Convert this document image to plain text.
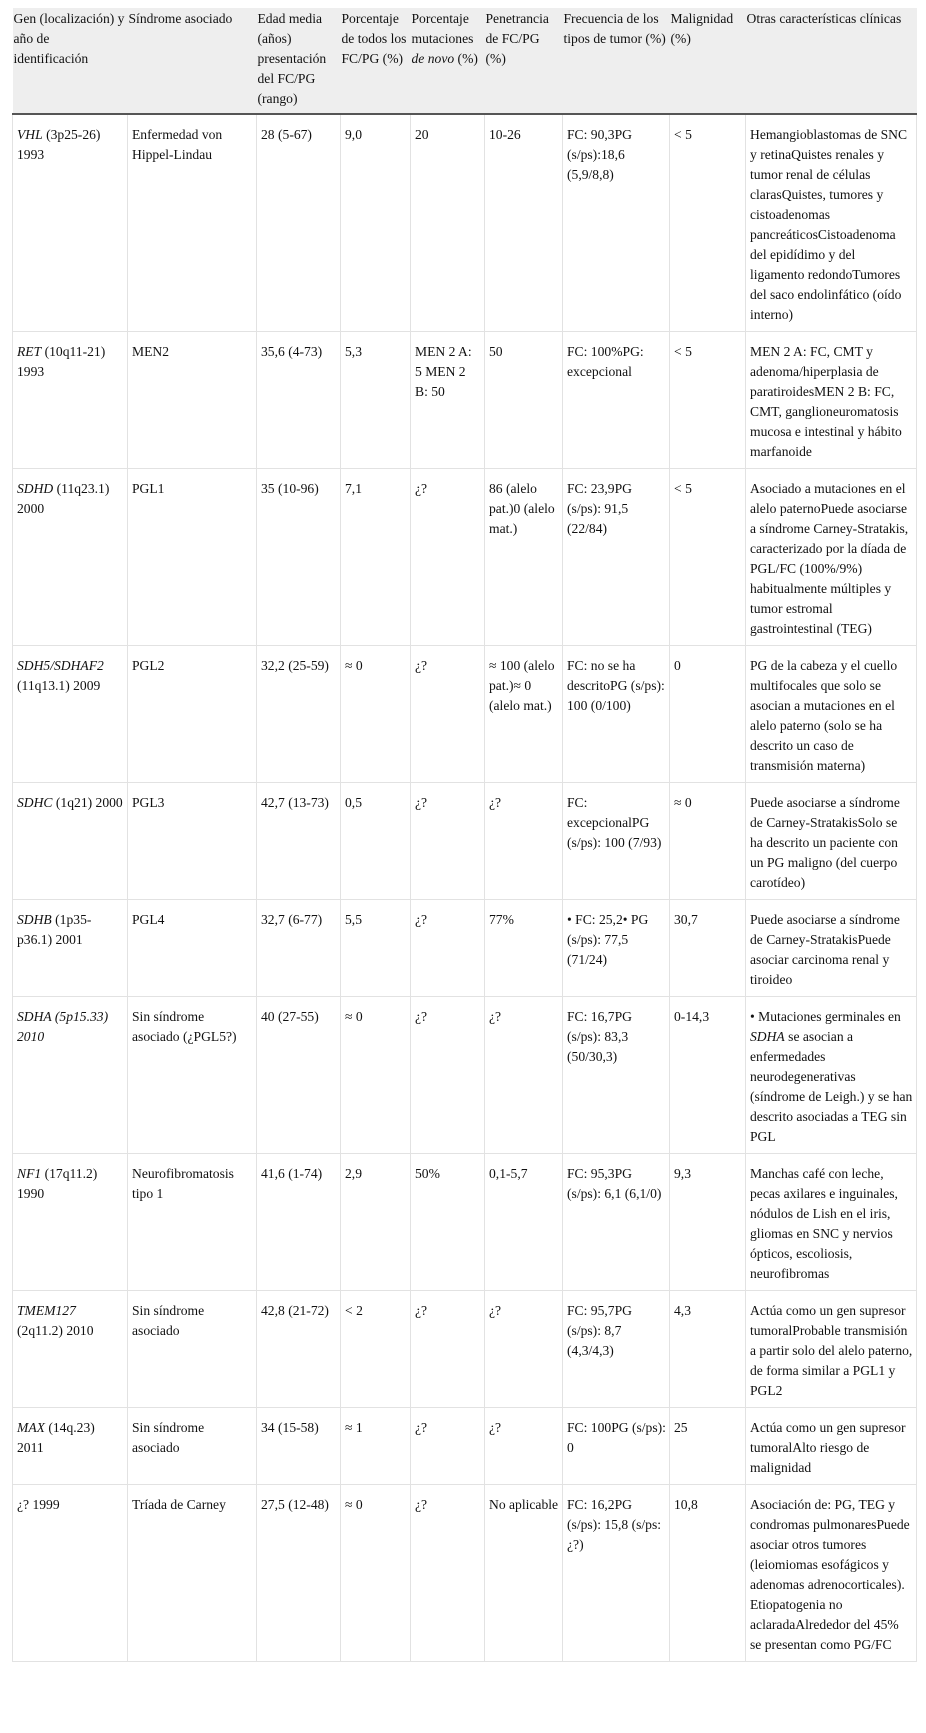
Gen (localización) y año de identificación	Síndrome asociado	Edad media (años) presentación del FC/PG (rango)	Porcentaje de todos los FC/PG (%)	Porcentaje mutaciones de novo (%)	Penetrancia de FC/PG (%)	Frecuencia de los tipos de tumor (%)	Malignidad (%)	Otras características clínicas
VHL (3p25-26) 1993	Enfermedad von Hippel-Lindau	28 (5-67)	9,0	20	10-26	FC: 90,3PG (s/ps):18,6 (5,9/8,8)	< 5	Hemangioblastomas de SNC y retinaQuistes renales y tumor renal de células clarasQuistes, tumores y cistoadenomas pancreáticosCistoadenoma del epidídimo y del ligamento redondoTumores del saco endolinfático (oído interno)
RET (10q11-21) 1993	MEN2	35,6 (4-73)	5,3	MEN 2 A: 5 MEN 2 B: 50	50	FC: 100%PG: excepcional	< 5	MEN 2 A: FC, CMT y adenoma/hiperplasia de paratiroidesMEN 2 B: FC, CMT, ganglioneuromatosis mucosa e intestinal y hábito marfanoide
SDHD (11q23.1) 2000	PGL1	35 (10-96)	7,1	¿?	86 (alelo pat.)0 (alelo mat.)	FC: 23,9PG (s/ps): 91,5 (22/84)	< 5	Asociado a mutaciones en el alelo paternoPuede asociarse a síndrome Carney-Stratakis, caracterizado por la díada de PGL/FC (100%/9%) habitualmente múltiples y tumor estromal gastrointestinal (TEG)
SDH5/SDHAF2 (11q13.1) 2009	PGL2	32,2 (25-59)	≈ 0	¿?	≈ 100 (alelo pat.)≈ 0 (alelo mat.)	FC: no se ha descritoPG (s/ps): 100 (0/100)	0	PG de la cabeza y el cuello multifocales que solo se asocian a mutaciones en el alelo paterno (solo se ha descrito un caso de transmisión materna)
SDHC (1q21) 2000	PGL3	42,7 (13-73)	0,5	¿?	¿?	FC: excepcionalPG (s/ps): 100 (7/93)	≈ 0	Puede asociarse a síndrome de Carney-StratakisSolo se ha descrito un paciente con un PG maligno (del cuerpo carotídeo)
SDHB (1p35-p36.1) 2001	PGL4	32,7 (6-77)	5,5	¿?	77%	• FC: 25,2• PG (s/ps): 77,5 (71/24)	30,7	Puede asociarse a síndrome de Carney-StratakisPuede asociar carcinoma renal y tiroideo
SDHA (5p15.33) 2010	Sin síndrome asociado (¿PGL5?)	40 (27-55)	≈ 0	¿?	¿?	FC: 16,7PG (s/ps): 83,3 (50/30,3)	0-14,3	• Mutaciones germinales en SDHA se asocian a enfermedades neurodegenerativas (síndrome de Leigh.) y se han descrito asociadas a TEG sin PGL
NF1 (17q11.2) 1990	Neurofibromatosis tipo 1	41,6 (1-74)	2,9	50%	0,1-5,7	FC: 95,3PG (s/ps): 6,1 (6,1/0)	9,3	Manchas café con leche, pecas axilares e inguinales, nódulos de Lish en el iris, gliomas en SNC y nervios ópticos, escoliosis, neurofibromas
TMEM127 (2q11.2) 2010	Sin síndrome asociado	42,8 (21-72)	< 2	¿?	¿?	FC: 95,7PG (s/ps): 8,7 (4,3/4,3)	4,3	Actúa como un gen supresor tumoralProbable transmisión a partir solo del alelo paterno, de forma similar a PGL1 y PGL2
MAX (14q.23) 2011	Sin síndrome asociado	34 (15-58)	≈ 1	¿?	¿?	FC: 100PG (s/ps): 0	25	Actúa como un gen supresor tumoralAlto riesgo de malignidad
¿? 1999	Tríada de Carney	27,5 (12-48)	≈ 0	¿?	No aplicable	FC: 16,2PG (s/ps): 15,8 (s/ps: ¿?)	10,8	Asociación de: PG, TEG y condromas pulmonaresPuede asociar otros tumores (leiomiomas esofágicos y adenomas adrenocorticales). Etiopatogenia no aclaradaAlrededor del 45% se presentan como PG/FC
